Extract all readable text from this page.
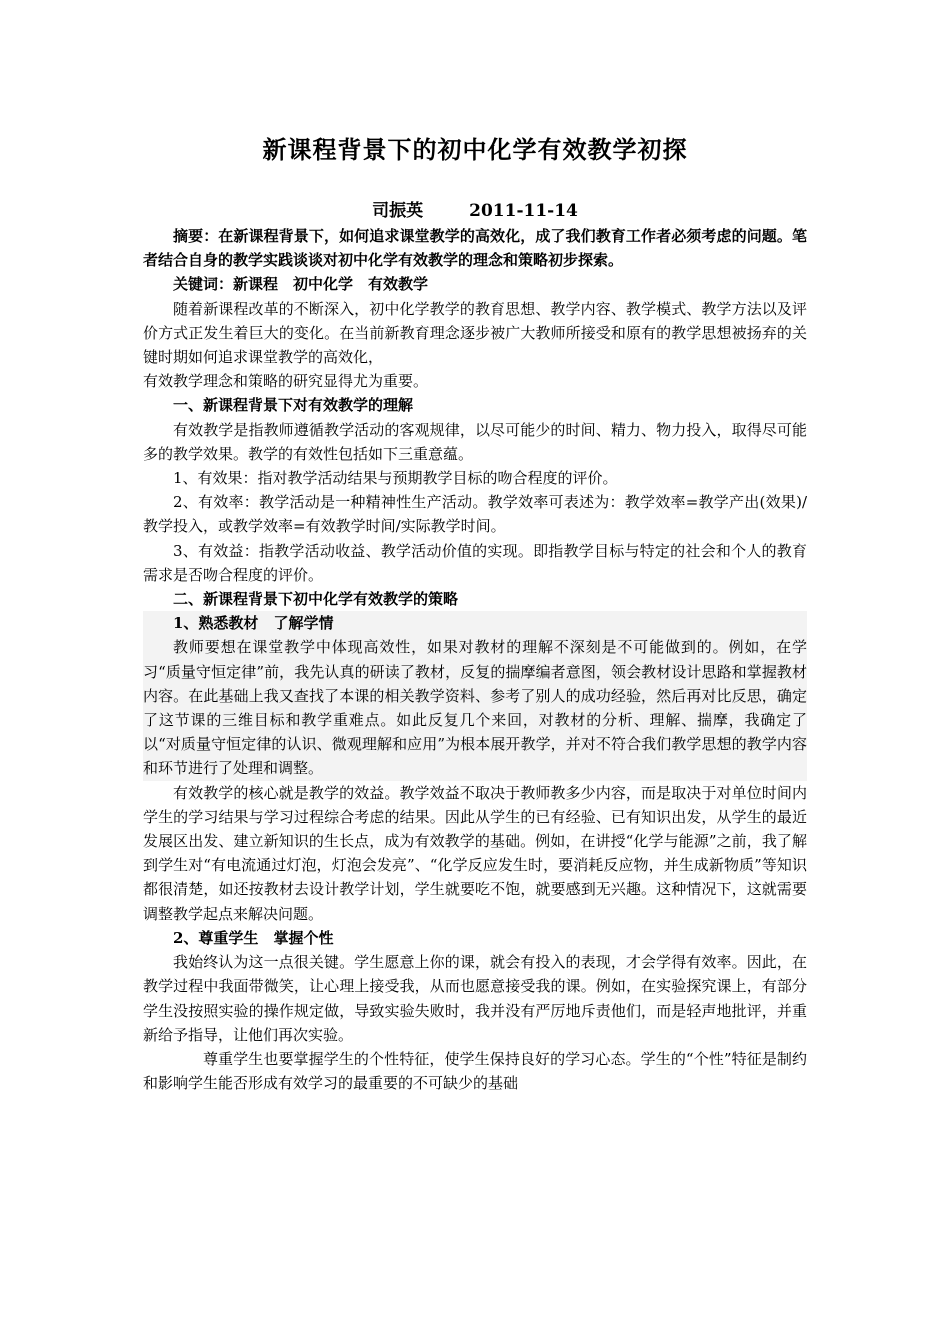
新课程背景下的初中化学有效教学初探
司振英	2011-11-14

摘要：在新课程背景下，如何追求课堂教学的高效化，成了我们教育工作者必须考虑的问题。笔者结合自身的教学实践谈谈对初中化学有效教学的理念和策略初步探索。

关键词：新课程　初中化学　有效教学

随着新课程改革的不断深入，初中化学教学的教育思想、教学内容、教学模式、教学方法以及评价方式正发生着巨大的变化。在当前新教育理念逐步被广大教师所接受和原有的教学思想被扬弃的关键时期如何追求课堂教学的高效化，

有效教学理念和策略的研究显得尤为重要。

一、新课程背景下对有效教学的理解

有效教学是指教师遵循教学活动的客观规律，以尽可能少的时间、精力、物力投入，取得尽可能多的教学效果。教学的有效性包括如下三重意蕴。

1、有效果：指对教学活动结果与预期教学目标的吻合程度的评价。

2、有效率：教学活动是一种精神性生产活动。教学效率可表述为：教学效率=教学产出(效果)/教学投入，或教学效率=有效教学时间/实际教学时间。

3、有效益：指教学活动收益、教学活动价值的实现。即指教学目标与特定的社会和个人的教育需求是否吻合程度的评价。

二、新课程背景下初中化学有效教学的策略

1、熟悉教材　了解学情

教师要想在课堂教学中体现高效性，如果对教材的理解不深刻是不可能做到的。例如，在学习“质量守恒定律”前，我先认真的研读了教材，反复的揣摩编者意图，领会教材设计思路和掌握教材内容。在此基础上我又查找了本课的相关教学资料、参考了别人的成功经验，然后再对比反思，确定了这节课的三维目标和教学重难点。如此反复几个来回，对教材的分析、理解、揣摩，我确定了以“对质量守恒定律的认识、微观理解和应用”为根本展开教学，并对不符合我们教学思想的教学内容和环节进行了处理和调整。

有效教学的核心就是教学的效益。教学效益不取决于教师教多少内容，而是取决于对单位时间内学生的学习结果与学习过程综合考虑的结果。因此从学生的已有经验、已有知识出发，从学生的最近发展区出发、建立新知识的生长点，成为有效教学的基础。例如，在讲授“化学与能源”之前，我了解到学生对“有电流通过灯泡，灯泡会发亮”、“化学反应发生时，要消耗反应物，并生成新物质”等知识都很清楚，如还按教材去设计教学计划，学生就要吃不饱，就要感到无兴趣。这种情况下，这就需要调整教学起点来解决问题。

2、尊重学生　掌握个性

我始终认为这一点很关键。学生愿意上你的课，就会有投入的表现，才会学得有效率。因此，在教学过程中我面带微笑，让心理上接受我，从而也愿意接受我的课。例如，在实验探究课上，有部分学生没按照实验的操作规定做，导致实验失败时，我并没有严厉地斥责他们，而是轻声地批评，并重新给予指导，让他们再次实验。

尊重学生也要掌握学生的个性特征，使学生保持良好的学习心态。学生的“个性”特征是制约和影响学生能否形成有效学习的最重要的不可缺少的基础
